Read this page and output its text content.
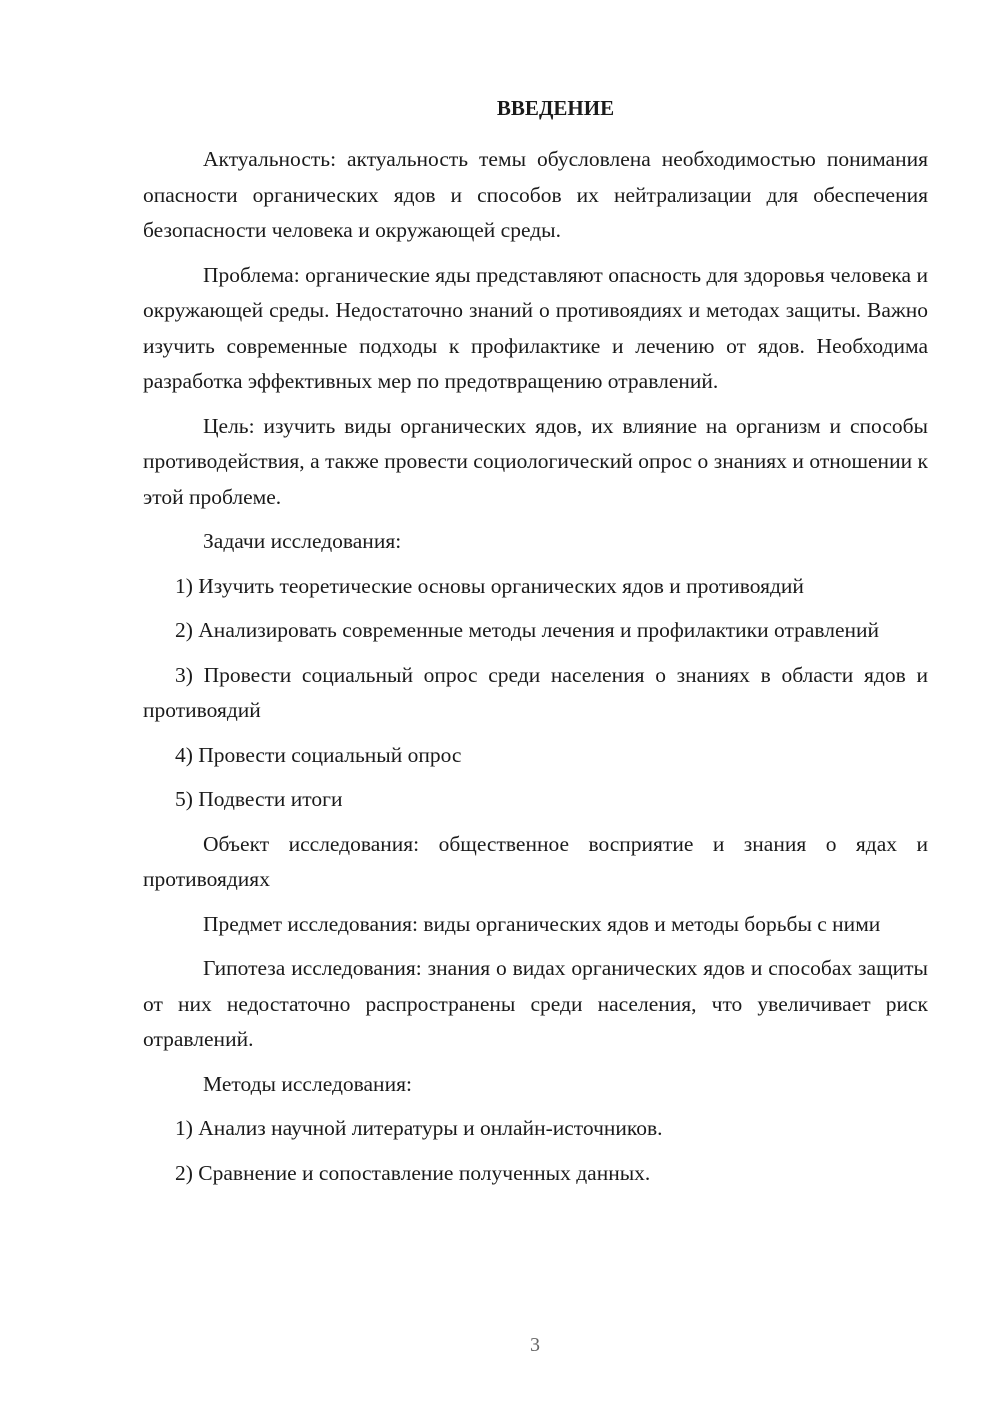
ВВЕДЕНИЕ

Актуальность: актуальность темы обусловлена необходимостью понимания опасности органических ядов и способов их нейтрализации для обеспечения безопасности человека и окружающей среды.

Проблема: органические яды представляют опасность для здоровья человека и окружающей среды. Недостаточно знаний о противоядиях и методах защиты. Важно изучить современные подходы к профилактике и лечению от ядов. Необходима разработка эффективных мер по предотвращению отравлений.

Цель: изучить виды органических ядов, их влияние на организм и способы противодействия, а также провести социологический опрос о знаниях и отношении к этой проблеме.

Задачи исследования:

1) Изучить теоретические основы органических ядов и противоядий

2) Анализировать современные методы лечения и профилактики отравлений

3) Провести социальный опрос среди населения о знаниях в области ядов и противоядий

4) Провести социальный опрос

5) Подвести итоги

Объект исследования: общественное восприятие и знания о ядах и противоядиях

Предмет исследования: виды органических ядов и методы борьбы с ними

Гипотеза исследования: знания о видах органических ядов и способах защиты от них недостаточно распространены среди населения, что увеличивает риск отравлений.

Методы исследования:

1) Анализ научной литературы и онлайн-источников.

2) Сравнение и сопоставление полученных данных.

3
